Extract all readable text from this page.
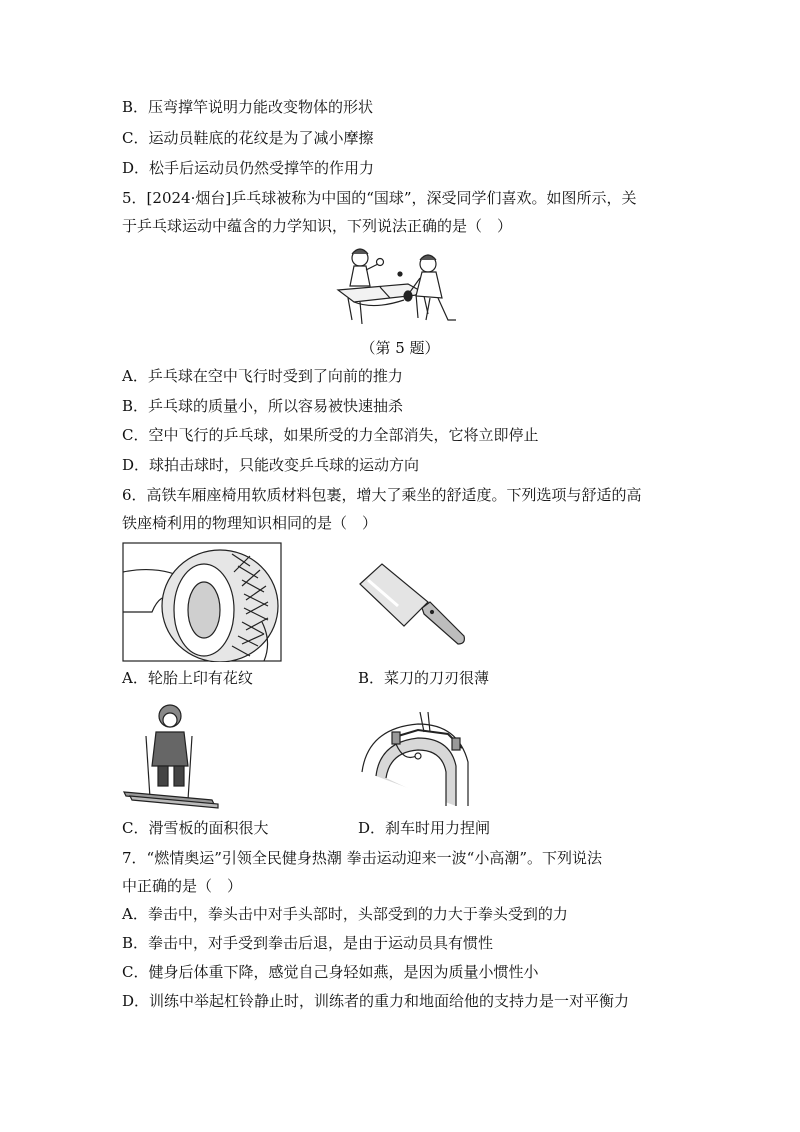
B．压弯撑竿说明力能改变物体的形状
C．运动员鞋底的花纹是为了减小摩擦
D．松手后运动员仍然受撑竿的作用力
5．[2024·烟台]乒乓球被称为中国的“国球”，深受同学们喜欢。如图所示，关
于乒乓球运动中蕴含的力学知识，下列说法正确的是（　）
（第 5 题）
A．乒乓球在空中飞行时受到了向前的推力
B．乒乓球的质量小，所以容易被快速抽杀
C．空中飞行的乒乓球，如果所受的力全部消失，它将立即停止
D．球拍击球时，只能改变乒乓球的运动方向
6．高铁车厢座椅用软质材料包裹，增大了乘坐的舒适度。下列选项与舒适的高
铁座椅利用的物理知识相同的是（　）
A．轮胎上印有花纹	B．菜刀的刀刃很薄
C．滑雪板的面积很大	D．刹车时用力捏闸
7．“燃情奥运”引领全民健身热潮 拳击运动迎来一波“小高潮”。下列说法
中正确的是（　）
A．拳击中，拳头击中对手头部时，头部受到的力大于拳头受到的力
B．拳击中，对手受到拳击后退，是由于运动员具有惯性
C．健身后体重下降，感觉自己身轻如燕，是因为质量小惯性小
D．训练中举起杠铃静止时，训练者的重力和地面给他的支持力是一对平衡力
